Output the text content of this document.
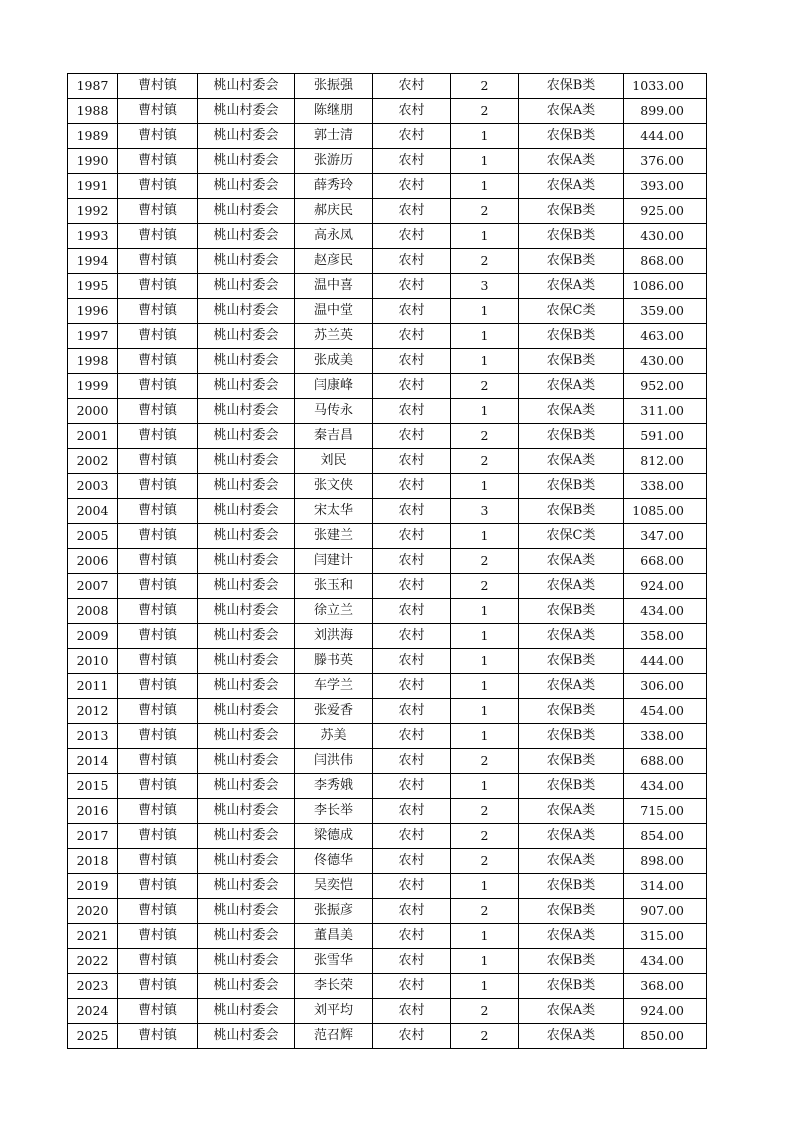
1987	曹村镇	桃山村委会	张振强	农村	2	农保B类	1033.00
1988	曹村镇	桃山村委会	陈继朋	农村	2	农保A类	899.00
1989	曹村镇	桃山村委会	郭士清	农村	1	农保B类	444.00
1990	曹村镇	桃山村委会	张游历	农村	1	农保A类	376.00
1991	曹村镇	桃山村委会	薛秀玲	农村	1	农保A类	393.00
1992	曹村镇	桃山村委会	郝庆民	农村	2	农保B类	925.00
1993	曹村镇	桃山村委会	高永凤	农村	1	农保B类	430.00
1994	曹村镇	桃山村委会	赵彦民	农村	2	农保B类	868.00
1995	曹村镇	桃山村委会	温中喜	农村	3	农保A类	1086.00
1996	曹村镇	桃山村委会	温中堂	农村	1	农保C类	359.00
1997	曹村镇	桃山村委会	苏兰英	农村	1	农保B类	463.00
1998	曹村镇	桃山村委会	张成美	农村	1	农保B类	430.00
1999	曹村镇	桃山村委会	闫康峰	农村	2	农保A类	952.00
2000	曹村镇	桃山村委会	马传永	农村	1	农保A类	311.00
2001	曹村镇	桃山村委会	秦吉昌	农村	2	农保B类	591.00
2002	曹村镇	桃山村委会	刘民	农村	2	农保A类	812.00
2003	曹村镇	桃山村委会	张文侠	农村	1	农保B类	338.00
2004	曹村镇	桃山村委会	宋太华	农村	3	农保B类	1085.00
2005	曹村镇	桃山村委会	张建兰	农村	1	农保C类	347.00
2006	曹村镇	桃山村委会	闫建计	农村	2	农保A类	668.00
2007	曹村镇	桃山村委会	张玉和	农村	2	农保A类	924.00
2008	曹村镇	桃山村委会	徐立兰	农村	1	农保B类	434.00
2009	曹村镇	桃山村委会	刘洪海	农村	1	农保A类	358.00
2010	曹村镇	桃山村委会	滕书英	农村	1	农保B类	444.00
2011	曹村镇	桃山村委会	车学兰	农村	1	农保A类	306.00
2012	曹村镇	桃山村委会	张爱香	农村	1	农保B类	454.00
2013	曹村镇	桃山村委会	苏美	农村	1	农保B类	338.00
2014	曹村镇	桃山村委会	闫洪伟	农村	2	农保B类	688.00
2015	曹村镇	桃山村委会	李秀娥	农村	1	农保B类	434.00
2016	曹村镇	桃山村委会	李长举	农村	2	农保A类	715.00
2017	曹村镇	桃山村委会	梁德成	农村	2	农保A类	854.00
2018	曹村镇	桃山村委会	佟德华	农村	2	农保A类	898.00
2019	曹村镇	桃山村委会	吴奕恺	农村	1	农保B类	314.00
2020	曹村镇	桃山村委会	张振彦	农村	2	农保B类	907.00
2021	曹村镇	桃山村委会	董昌美	农村	1	农保A类	315.00
2022	曹村镇	桃山村委会	张雪华	农村	1	农保B类	434.00
2023	曹村镇	桃山村委会	李长荣	农村	1	农保B类	368.00
2024	曹村镇	桃山村委会	刘平均	农村	2	农保A类	924.00
2025	曹村镇	桃山村委会	范召辉	农村	2	农保A类	850.00
